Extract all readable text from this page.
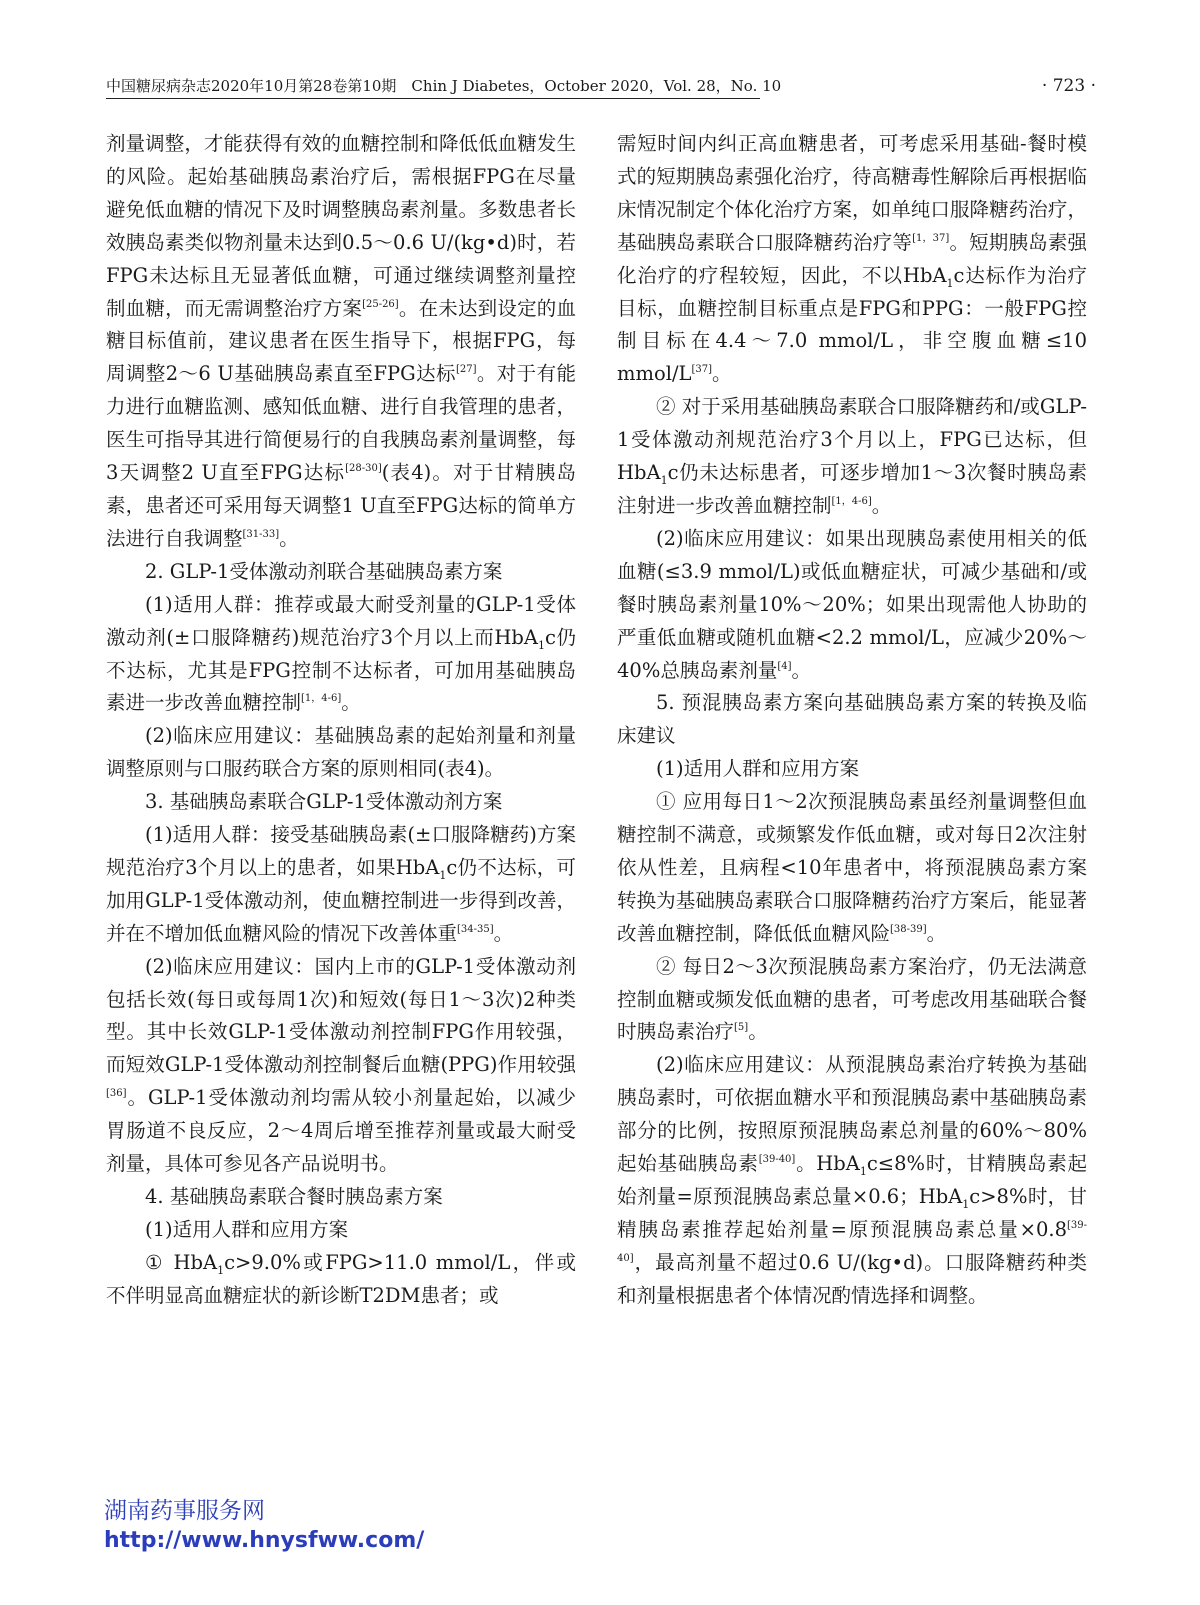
中国糖尿病杂志2020年10月第28卷第10期　Chin J Diabetes，October 2020，Vol. 28，No. 10	· 723 ·

剂量调整，才能获得有效的血糖控制和降低低血糖发生的风险。起始基础胰岛素治疗后，需根据FPG在尽量避免低血糖的情况下及时调整胰岛素剂量。多数患者长效胰岛素类似物剂量未达到0.5～0.6 U/(kg•d)时，若FPG未达标且无显著低血糖，可通过继续调整剂量控制血糖，而无需调整治疗方案[25-26]。在未达到设定的血糖目标值前，建议患者在医生指导下，根据FPG，每周调整2～6 U基础胰岛素直至FPG达标[27]。对于有能力进行血糖监测、感知低血糖、进行自我管理的患者，医生可指导其进行简便易行的自我胰岛素剂量调整，每3天调整2 U直至FPG达标[28-30](表4)。对于甘精胰岛素，患者还可采用每天调整1 U直至FPG达标的简单方法进行自我调整[31-33]。

2. GLP-1受体激动剂联合基础胰岛素方案

(1)适用人群：推荐或最大耐受剂量的GLP-1受体激动剂(±口服降糖药)规范治疗3个月以上而HbA$_1$c仍不达标，尤其是FPG控制不达标者，可加用基础胰岛素进一步改善血糖控制[1，4-6]。

(2)临床应用建议：基础胰岛素的起始剂量和剂量调整原则与口服药联合方案的原则相同(表4)。

3. 基础胰岛素联合GLP-1受体激动剂方案

(1)适用人群：接受基础胰岛素(±口服降糖药)方案规范治疗3个月以上的患者，如果HbA$_1$c仍不达标，可加用GLP-1受体激动剂，使血糖控制进一步得到改善，并在不增加低血糖风险的情况下改善体重[34-35]。

(2)临床应用建议：国内上市的GLP-1受体激动剂包括长效(每日或每周1次)和短效(每日1～3次)2种类型。其中长效GLP-1受体激动剂控制FPG作用较强，而短效GLP-1受体激动剂控制餐后血糖(PPG)作用较强[36]。GLP-1受体激动剂均需从较小剂量起始，以减少胃肠道不良反应，2～4周后增至推荐剂量或最大耐受剂量，具体可参见各产品说明书。

4. 基础胰岛素联合餐时胰岛素方案

(1)适用人群和应用方案

① HbA$_1$c>9.0%或FPG>11.0 mmol/L，伴或不伴明显高血糖症状的新诊断T2DM患者；或

需短时间内纠正高血糖患者，可考虑采用基础-餐时模式的短期胰岛素强化治疗，待高糖毒性解除后再根据临床情况制定个体化治疗方案，如单纯口服降糖药治疗，基础胰岛素联合口服降糖药治疗等[1，37]。短期胰岛素强化治疗的疗程较短，因此，不以HbA$_1$c达标作为治疗目标，血糖控制目标重点是FPG和PPG：一般FPG控制目标在4.4～7.0 mmol/L，非空腹血糖≤10 mmol/L[37]。

② 对于采用基础胰岛素联合口服降糖药和/或GLP-1受体激动剂规范治疗3个月以上，FPG已达标，但HbA$_1$c仍未达标患者，可逐步增加1～3次餐时胰岛素注射进一步改善血糖控制[1，4-6]。

(2)临床应用建议：如果出现胰岛素使用相关的低血糖(≤3.9 mmol/L)或低血糖症状，可减少基础和/或餐时胰岛素剂量10%～20%；如果出现需他人协助的严重低血糖或随机血糖<2.2 mmol/L，应减少20%～40%总胰岛素剂量[4]。

5. 预混胰岛素方案向基础胰岛素方案的转换及临床建议

(1)适用人群和应用方案

① 应用每日1～2次预混胰岛素虽经剂量调整但血糖控制不满意，或频繁发作低血糖，或对每日2次注射依从性差，且病程<10年患者中，将预混胰岛素方案转换为基础胰岛素联合口服降糖药治疗方案后，能显著改善血糖控制，降低低血糖风险[38-39]。

② 每日2～3次预混胰岛素方案治疗，仍无法满意控制血糖或频发低血糖的患者，可考虑改用基础联合餐时胰岛素治疗[5]。

(2)临床应用建议：从预混胰岛素治疗转换为基础胰岛素时，可依据血糖水平和预混胰岛素中基础胰岛素部分的比例，按照原预混胰岛素总剂量的60%～80%起始基础胰岛素[39-40]。HbA$_1$c≤8%时，甘精胰岛素起始剂量=原预混胰岛素总量×0.6；HbA$_1$c>8%时，甘精胰岛素推荐起始剂量=原预混胰岛素总量×0.8[39-40]，最高剂量不超过0.6 U/(kg•d)。口服降糖药种类和剂量根据患者个体情况酌情选择和调整。

湖南药事服务网
http://www.hnysfww.com/
